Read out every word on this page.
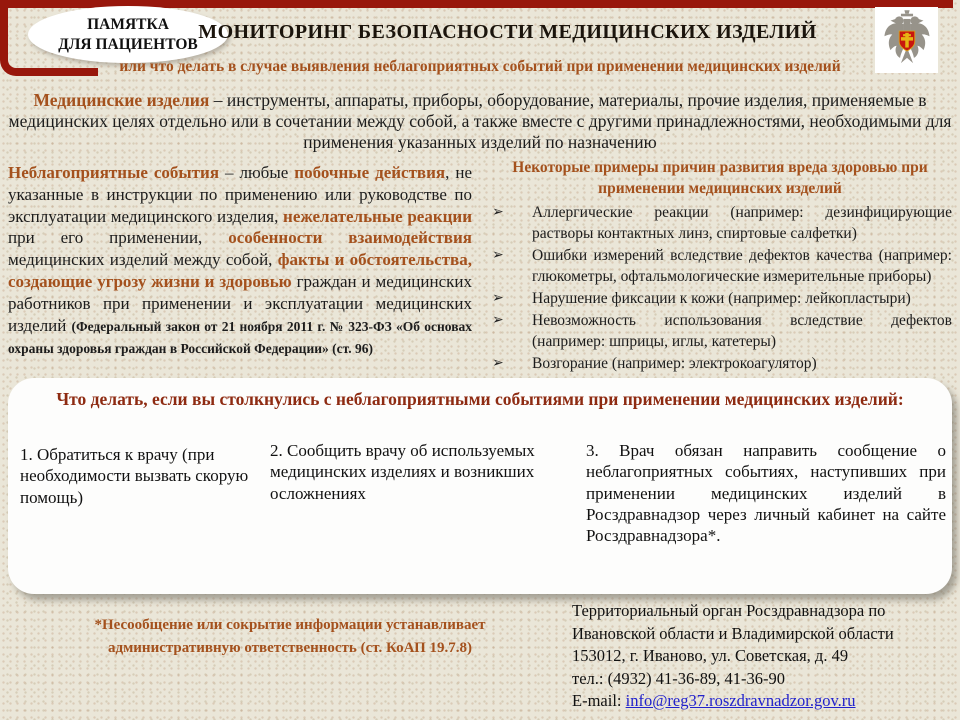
ПАМЯТКА
ДЛЯ ПАЦИЕНТОВ
МОНИТОРИНГ БЕЗОПАСНОСТИ МЕДИЦИНСКИХ ИЗДЕЛИЙ
или что делать в случае выявления неблагоприятных событий при применении медицинских изделий
Медицинские изделия – инструменты, аппараты, приборы, оборудование, материалы, прочие изделия, применяемые в медицинских целях отдельно или в сочетании между собой, а также вместе с другими принадлежностями, необходимыми для применения указанных изделий по назначению
Неблагоприятные события – любые побочные действия, не указанные в инструкции по применению или руководстве по эксплуатации медицинского изделия, нежелательные реакции при его применении, особенности взаимодействия медицинских изделий между собой, факты и обстоятельства, создающие угрозу жизни и здоровью граждан и медицинских работников при применении и эксплуатации медицинских изделий (Федеральный закон от 21 ноября 2011 г. № 323-ФЗ «Об основах охраны здоровья граждан в Российской Федерации» (ст. 96)
Некоторые примеры причин развития вреда здоровью при применении медицинских изделий
➢ Аллергические реакции (например: дезинфицирующие растворы контактных линз, спиртовые салфетки)
➢ Ошибки измерений вследствие дефектов качества (например: глюкометры, офтальмологические измерительные приборы)
➢ Нарушение фиксации к кожи (например: лейкопластыри)
➢ Невозможность использования вследствие дефектов (например: шприцы, иглы, катетеры)
➢ Возгорание (например: электрокоагулятор)
Что делать, если вы столкнулись с неблагоприятными событиями при применении медицинских изделий:
1. Обратиться к врачу (при необходимости вызвать скорую помощь)
2. Сообщить врачу об используемых медицинских изделиях и возникших осложнениях
3. Врач обязан направить сообщение о неблагоприятных событиях, наступивших при применении медицинских изделий в Росздравнадзор через личный кабинет на сайте Росздравнадзора*.
*Несообщение или сокрытие информации устанавливает административную ответственность (ст. КоАП 19.7.8)
Территориальный орган Росздравнадзора по
Ивановской области и Владимирской области
153012, г. Иваново, ул. Советская, д. 49
тел.: (4932) 41-36-89, 41-36-90
E-mail: info@reg37.roszdravnadzor.gov.ru
